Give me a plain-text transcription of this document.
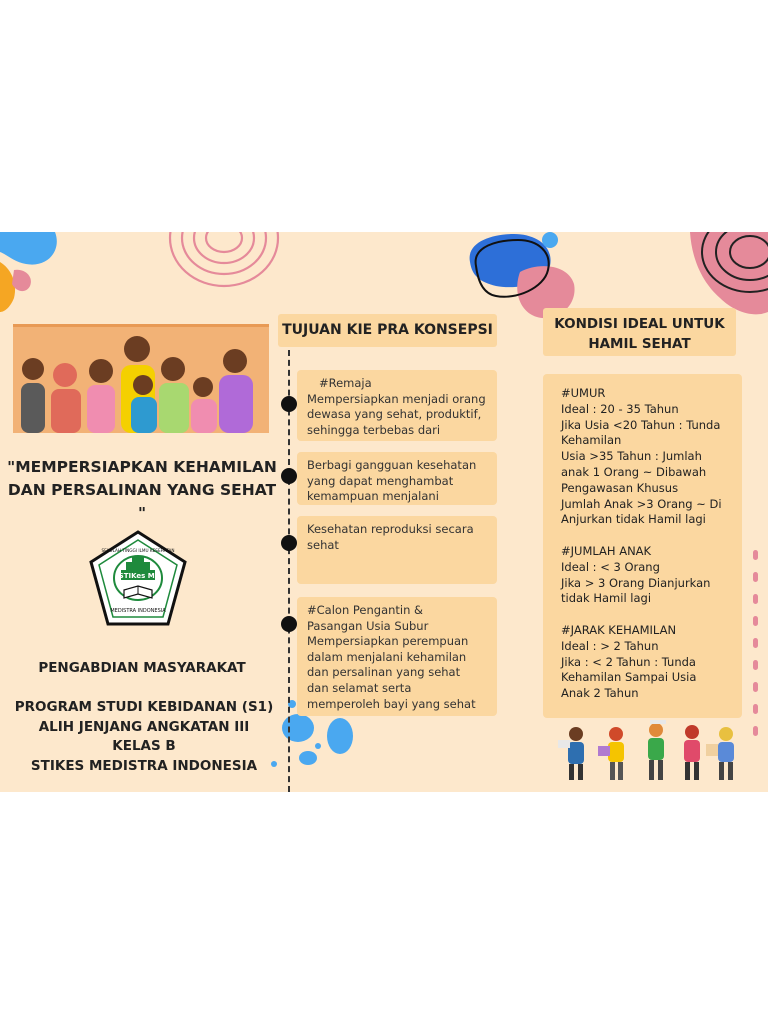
"MEMPERSIAPKAN KEHAMILAN
DAN PERSALINAN YANG SEHAT "
STIKes MI
SEKOLAH TINGGI ILMU KESEHATAN
MEDISTRA INDONESIA
PENGABDIAN MASYARAKAT
PROGRAM STUDI KEBIDANAN (S1)
ALIH JENJANG ANGKATAN III
KELAS B
STIKES MEDISTRA INDONESIA
TUJUAN KIE PRA KONSEPSI
#Remaja
Mempersiapkan menjadi orang
dewasa yang sehat, produktif,
sehingga terbebas dari
Berbagi gangguan kesehatan
yang dapat menghambat
kemampuan menjalani
Kesehatan reproduksi secara
sehat
#Calon Pengantin &
Pasangan Usia Subur
Mempersiapkan perempuan
dalam menjalani kehamilan
dan persalinan yang sehat
dan selamat serta
memperoleh bayi yang sehat
KONDISI IDEAL UNTUK
HAMIL SEHAT
#UMUR
Ideal : 20 - 35 Tahun
Jika Usia <20 Tahun : Tunda
Kehamilan
Usia >35 Tahun : Jumlah
anak 1 Orang ~ Dibawah
Pengawasan Khusus
Jumlah Anak >3 Orang ~ Di
Anjurkan tidak Hamil lagi
#JUMLAH ANAK
Ideal : < 3 Orang
Jika > 3 Orang Dianjurkan
tidak Hamil lagi
#JARAK KEHAMILAN
Ideal : > 2 Tahun
Jika : < 2 Tahun : Tunda
Kehamilan Sampai Usia
Anak 2 Tahun
